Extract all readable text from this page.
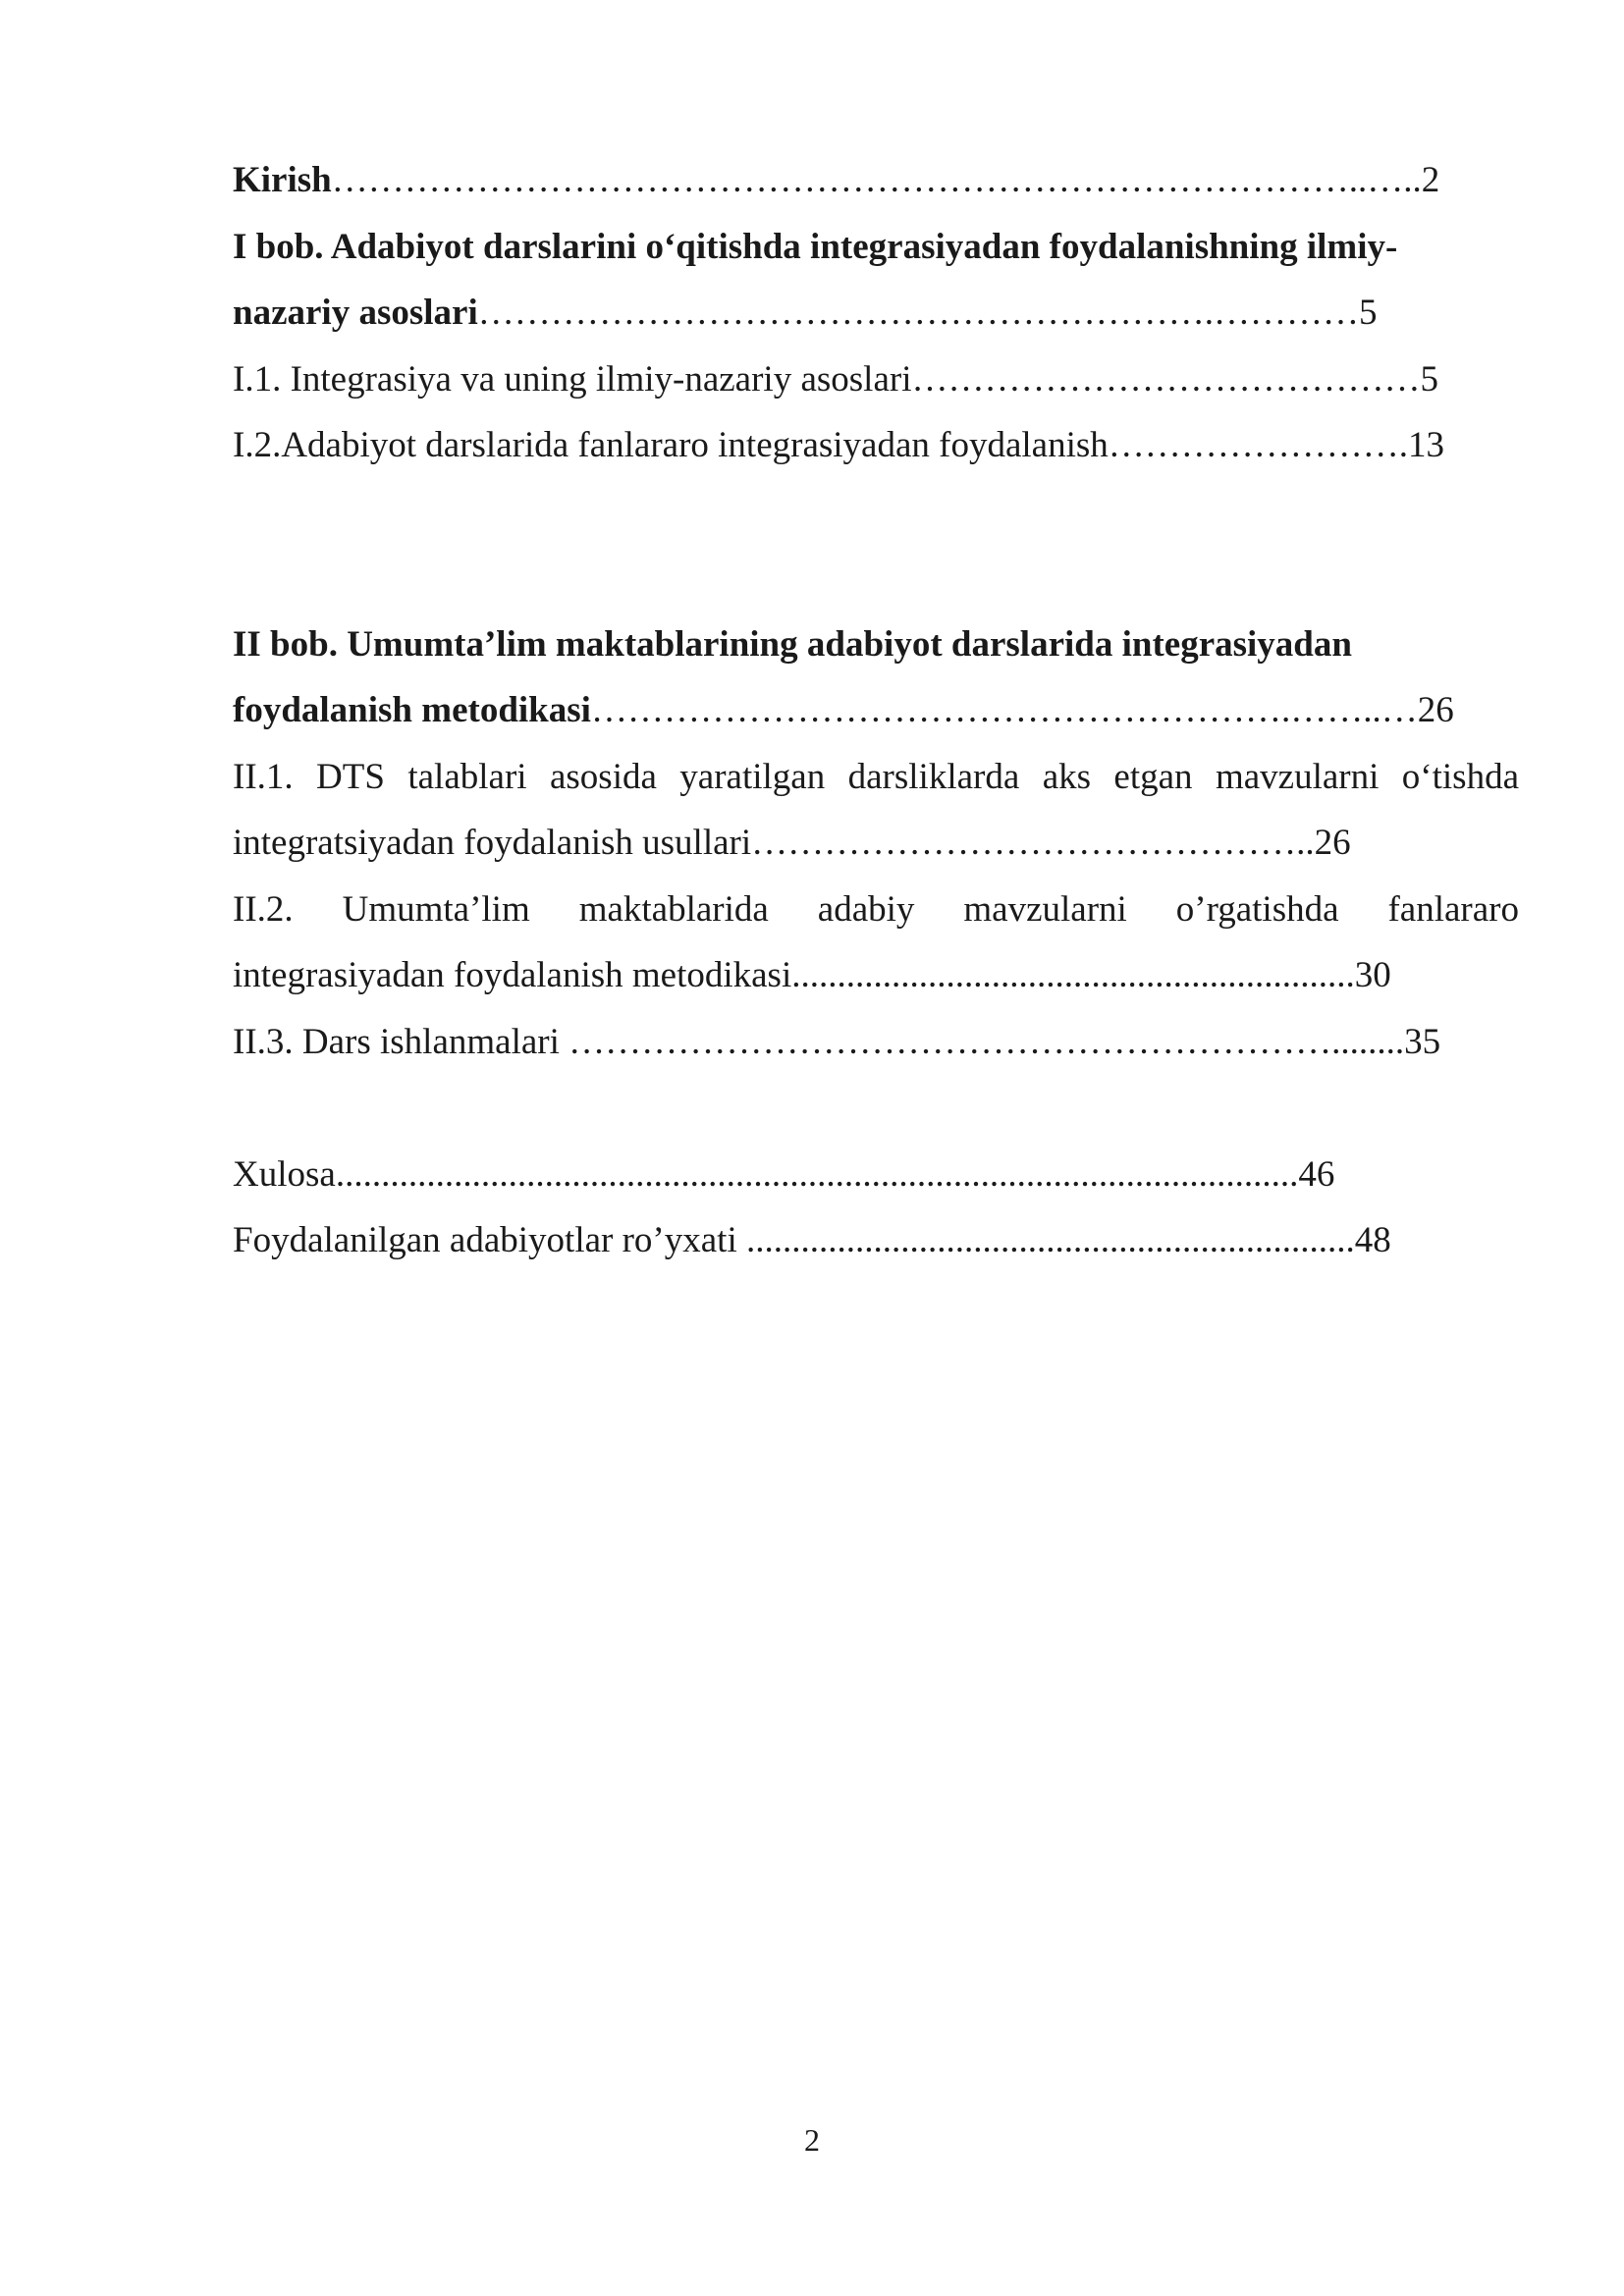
Kirish…………………………………………………………………………..…..2
I bob. Adabiyot darslarini o‘qitishda integrasiyadan foydalanishning ilmiy-
nazariy asoslari…………………………………………………….…………5
I.1. Integrasiya va uning ilmiy-nazariy asoslari……………………………………5
I.2.Adabiyot darslarida fanlararo integrasiyadan foydalanish…………………….13
II bob. Umumta’lim maktablarining adabiyot darslarida integrasiyadan
foydalanish metodikasi………………………………………………….……..…26
II.1. DTS talablari asosida yaratilgan darsliklarda aks etgan mavzularni o‘tishda
integratsiyadan foydalanish usullari………………………………………..26
II.2. Umumta’lim maktablarida adabiy mavzularni o’rgatishda fanlararo
integrasiyadan foydalanish metodikasi..............................................................30
II.3. Dars ishlanmalari ………………………………………………………........35
Xulosa..........................................................................................................46
Foydalanilgan adabiyotlar ro’yxati ...................................................................48
2
